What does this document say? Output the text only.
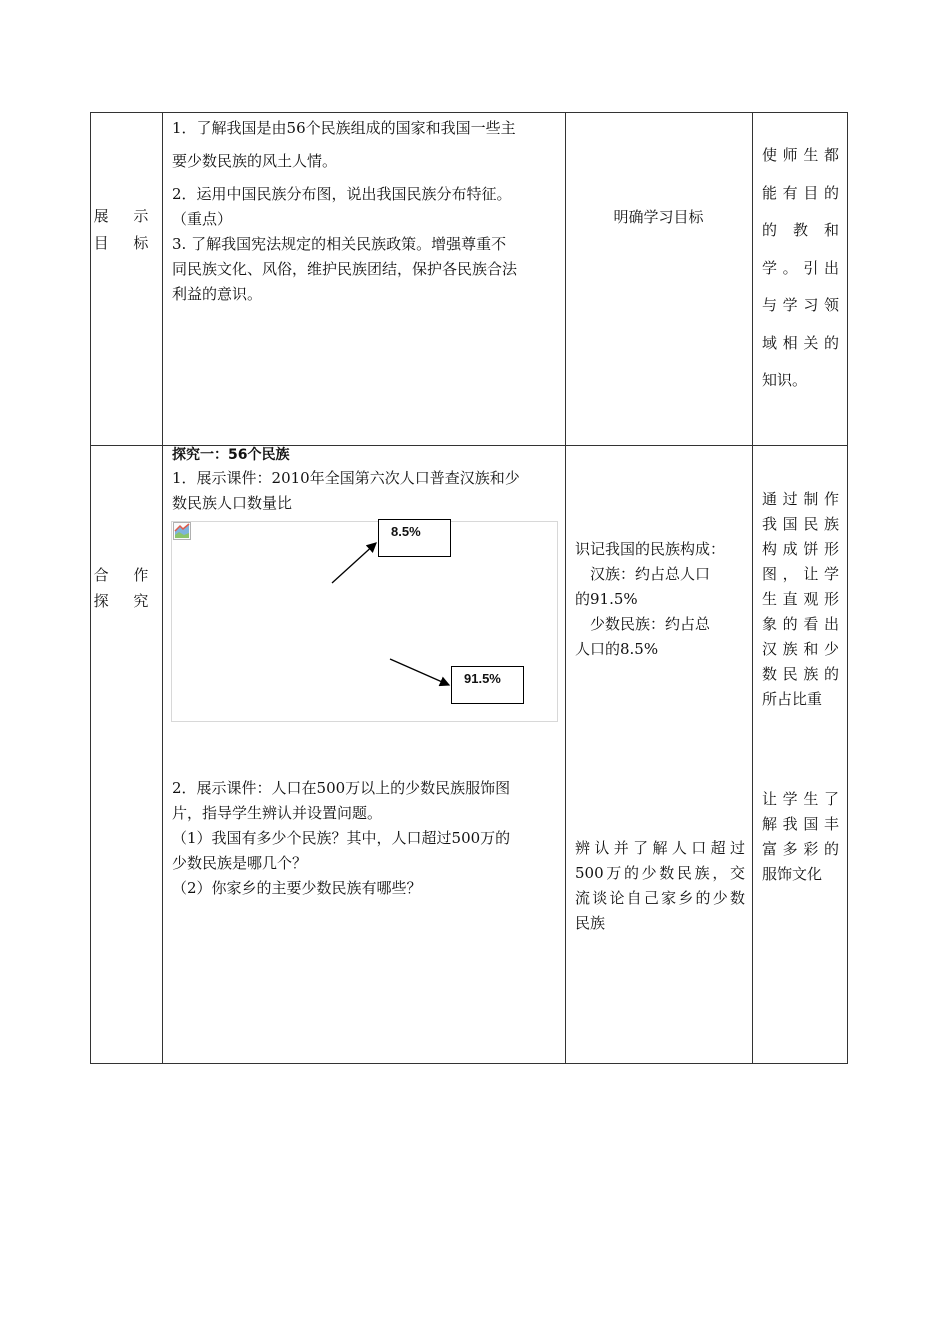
展 示
目 标
1．了解我国是由56个民族组成的国家和我国一些主
要少数民族的风土人情。
2．运用中国民族分布图，说出我国民族分布特征。
（重点）
3. 了解我国宪法规定的相关民族政策。增强尊重不
同民族文化、风俗，维护民族团结，保护各民族合法
利益的意识。
明确学习目标
使师生都
能有目的
的 教 和
学。引出
与学习领
域相关的
知识。
合 作
探 究
探究一：56个民族
1．展示课件：2010年全国第六次人口普查汉族和少
数民族人口数量比
8.5%
91.5%
2．展示课件：人口在500万以上的少数民族服饰图
片，指导学生辨认并设置问题。
（1）我国有多少个民族？其中，人口超过500万的
少数民族是哪几个？
（2）你家乡的主要少数民族有哪些？
识记我国的民族构成：
　汉族：约占总人口
的91.5%
　少数民族：约占总
人口的8.5%
辨认并了解人口超过
500万的少数民族，交
流谈论自己家乡的少数
民族
通过制作
我国民族
构成饼形
图，让学
生直观形
象的看出
汉族和少
数民族的
所占比重
让学生了
解我国丰
富多彩的
服饰文化
